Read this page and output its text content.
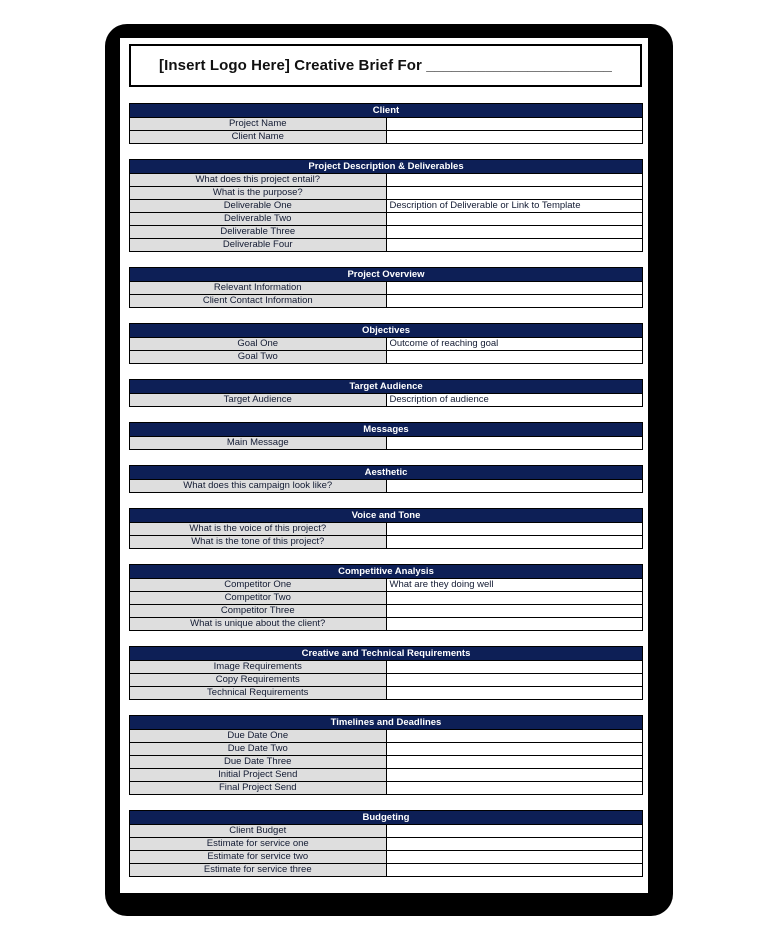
[Insert Logo Here] Creative Brief For ______________________
Client	
Project Name	
Client Name	
Project Description & Deliverables	
What does this project entail?	
What is the purpose?	
Deliverable One	Description of Deliverable or Link to Template
Deliverable Two	
Deliverable Three	
Deliverable Four	
Project Overview	
Relevant Information	
Client Contact Information	
Objectives	
Goal One	Outcome of reaching goal
Goal Two	
Target Audience
Target Audience	Description of audience
Messages
Main Message	
Aesthetic
What does this campaign look like?	
Voice and Tone	
What is the voice of this project?	
What is the tone of this project?	
Competitive Analysis	
Competitor One	What are they doing well
Competitor Two	
Competitor Three	
What is unique about the client?	
Creative and Technical Requirements	
Image Requirements	
Copy Requirements	
Technical Requirements	
Timelines and Deadlines	
Due Date One	
Due Date Two	
Due Date Three	
Initial Project Send	
Final Project Send	
Budgeting	
Client Budget	
Estimate for service one	
Estimate for service two	
Estimate for service three	
